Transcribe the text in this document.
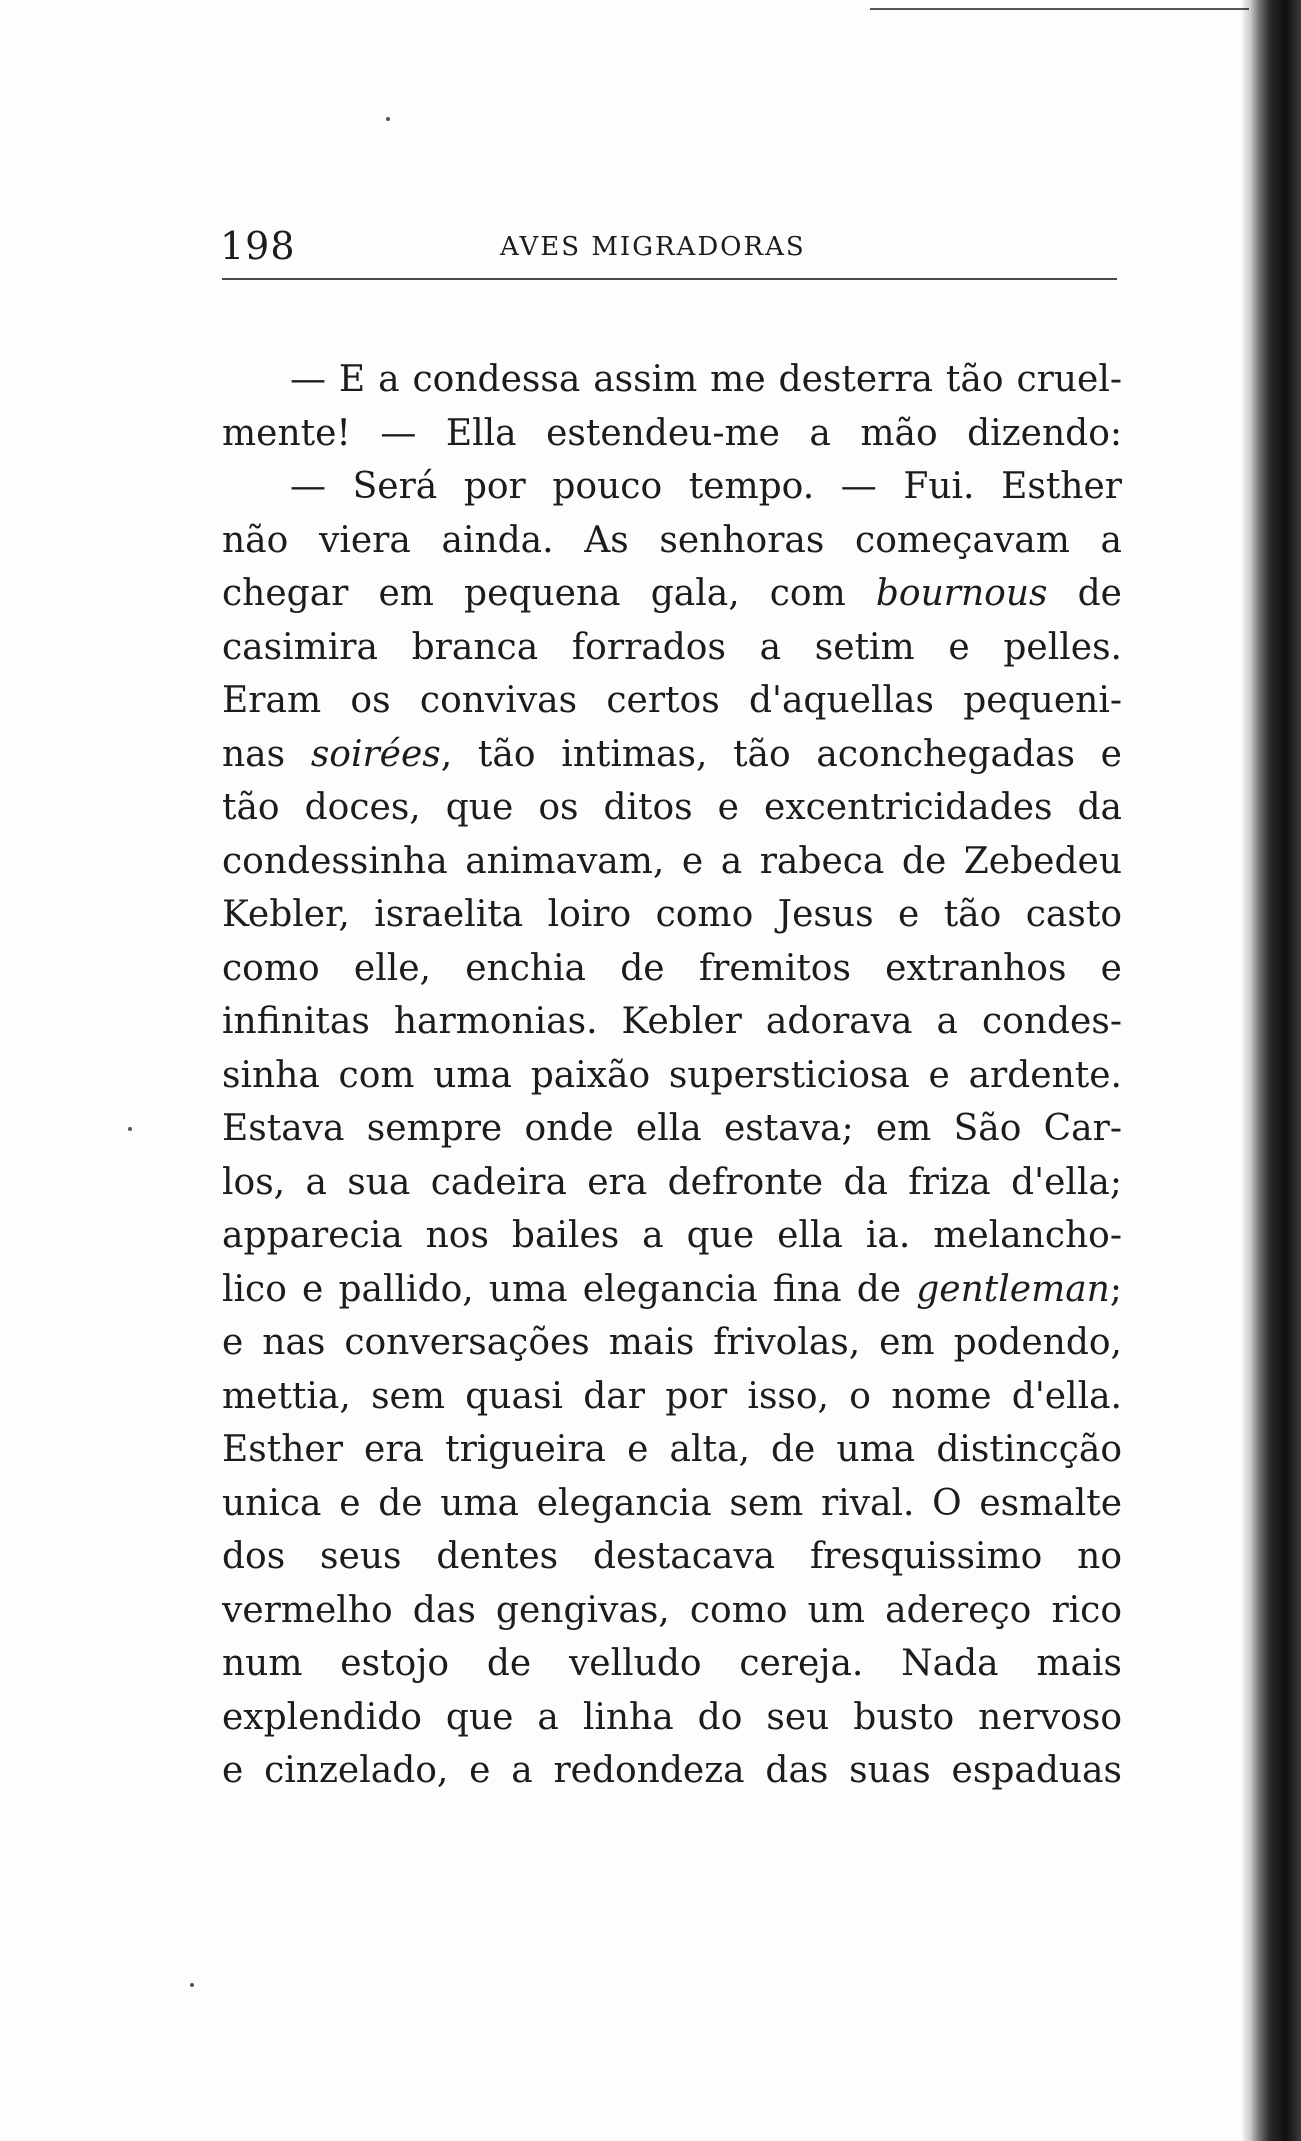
198	AVES MIGRADORAS
— E a condessa assim me desterra tão cruel-
mente! — Ella estendeu-me a mão dizendo:
— Será por pouco tempo. — Fui. Esther
não viera ainda. As senhoras começavam a
chegar em pequena gala, com bournous de
casimira branca forrados a setim e pelles.
Eram os convivas certos d'aquellas pequeni-
nas soirées, tão intimas, tão aconchegadas e
tão doces, que os ditos e excentricidades da
condessinha animavam, e a rabeca de Zebedeu
Kebler, israelita loiro como Jesus e tão casto
como elle, enchia de fremitos extranhos e
infinitas harmonias. Kebler adorava a condes-
sinha com uma paixão supersticiosa e ardente.
Estava sempre onde ella estava; em São Car-
los, a sua cadeira era defronte da friza d'ella;
apparecia nos bailes a que ella ia. melancho-
lico e pallido, uma elegancia fina de gentleman;
e nas conversações mais frivolas, em podendo,
mettia, sem quasi dar por isso, o nome d'ella.
Esther era trigueira e alta, de uma distincção
unica e de uma elegancia sem rival. O esmalte
dos seus dentes destacava fresquissimo no
vermelho das gengivas, como um adereço rico
num estojo de velludo cereja. Nada mais
explendido que a linha do seu busto nervoso
e cinzelado, e a redondeza das suas espaduas
